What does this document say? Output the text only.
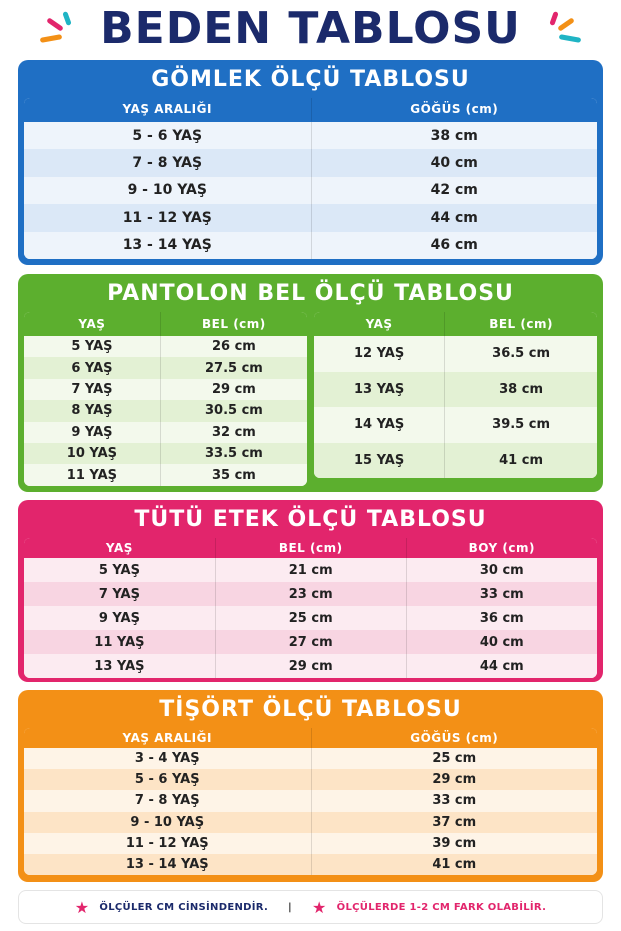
BEDEN TABLOSU
GÖMLEK ÖLÇÜ TABLOSU
YAŞ ARALIĞI	GÖĞÜS (cm)
5 - 6 YAŞ	38 cm
7 - 8 YAŞ	40 cm
9 - 10 YAŞ	42 cm
11 - 12 YAŞ	44 cm
13 - 14 YAŞ	46 cm
PANTOLON BEL ÖLÇÜ TABLOSU
YAŞ	BEL (cm)
5 YAŞ	26 cm
6 YAŞ	27.5 cm
7 YAŞ	29 cm
8 YAŞ	30.5 cm
9 YAŞ	32 cm
10 YAŞ	33.5 cm
11 YAŞ	35 cm
YAŞ	BEL (cm)
12 YAŞ	36.5 cm
13 YAŞ	38 cm
14 YAŞ	39.5 cm
15 YAŞ	41 cm
TÜTÜ ETEK ÖLÇÜ TABLOSU
YAŞ	BEL (cm)	BOY (cm)
5 YAŞ	21 cm	30 cm
7 YAŞ	23 cm	33 cm
9 YAŞ	25 cm	36 cm
11 YAŞ	27 cm	40 cm
13 YAŞ	29 cm	44 cm
TİŞÖRT ÖLÇÜ TABLOSU
YAŞ ARALIĞI	GÖĞÜS (cm)
3 - 4 YAŞ	25 cm
5 - 6 YAŞ	29 cm
7 - 8 YAŞ	33 cm
9 - 10 YAŞ	37 cm
11 - 12 YAŞ	39 cm
13 - 14 YAŞ	41 cm
★ ÖLÇÜLER CM CİNSİNDENDİR.	|	★ ÖLÇÜLERDE 1-2 CM FARK OLABİLİR.
